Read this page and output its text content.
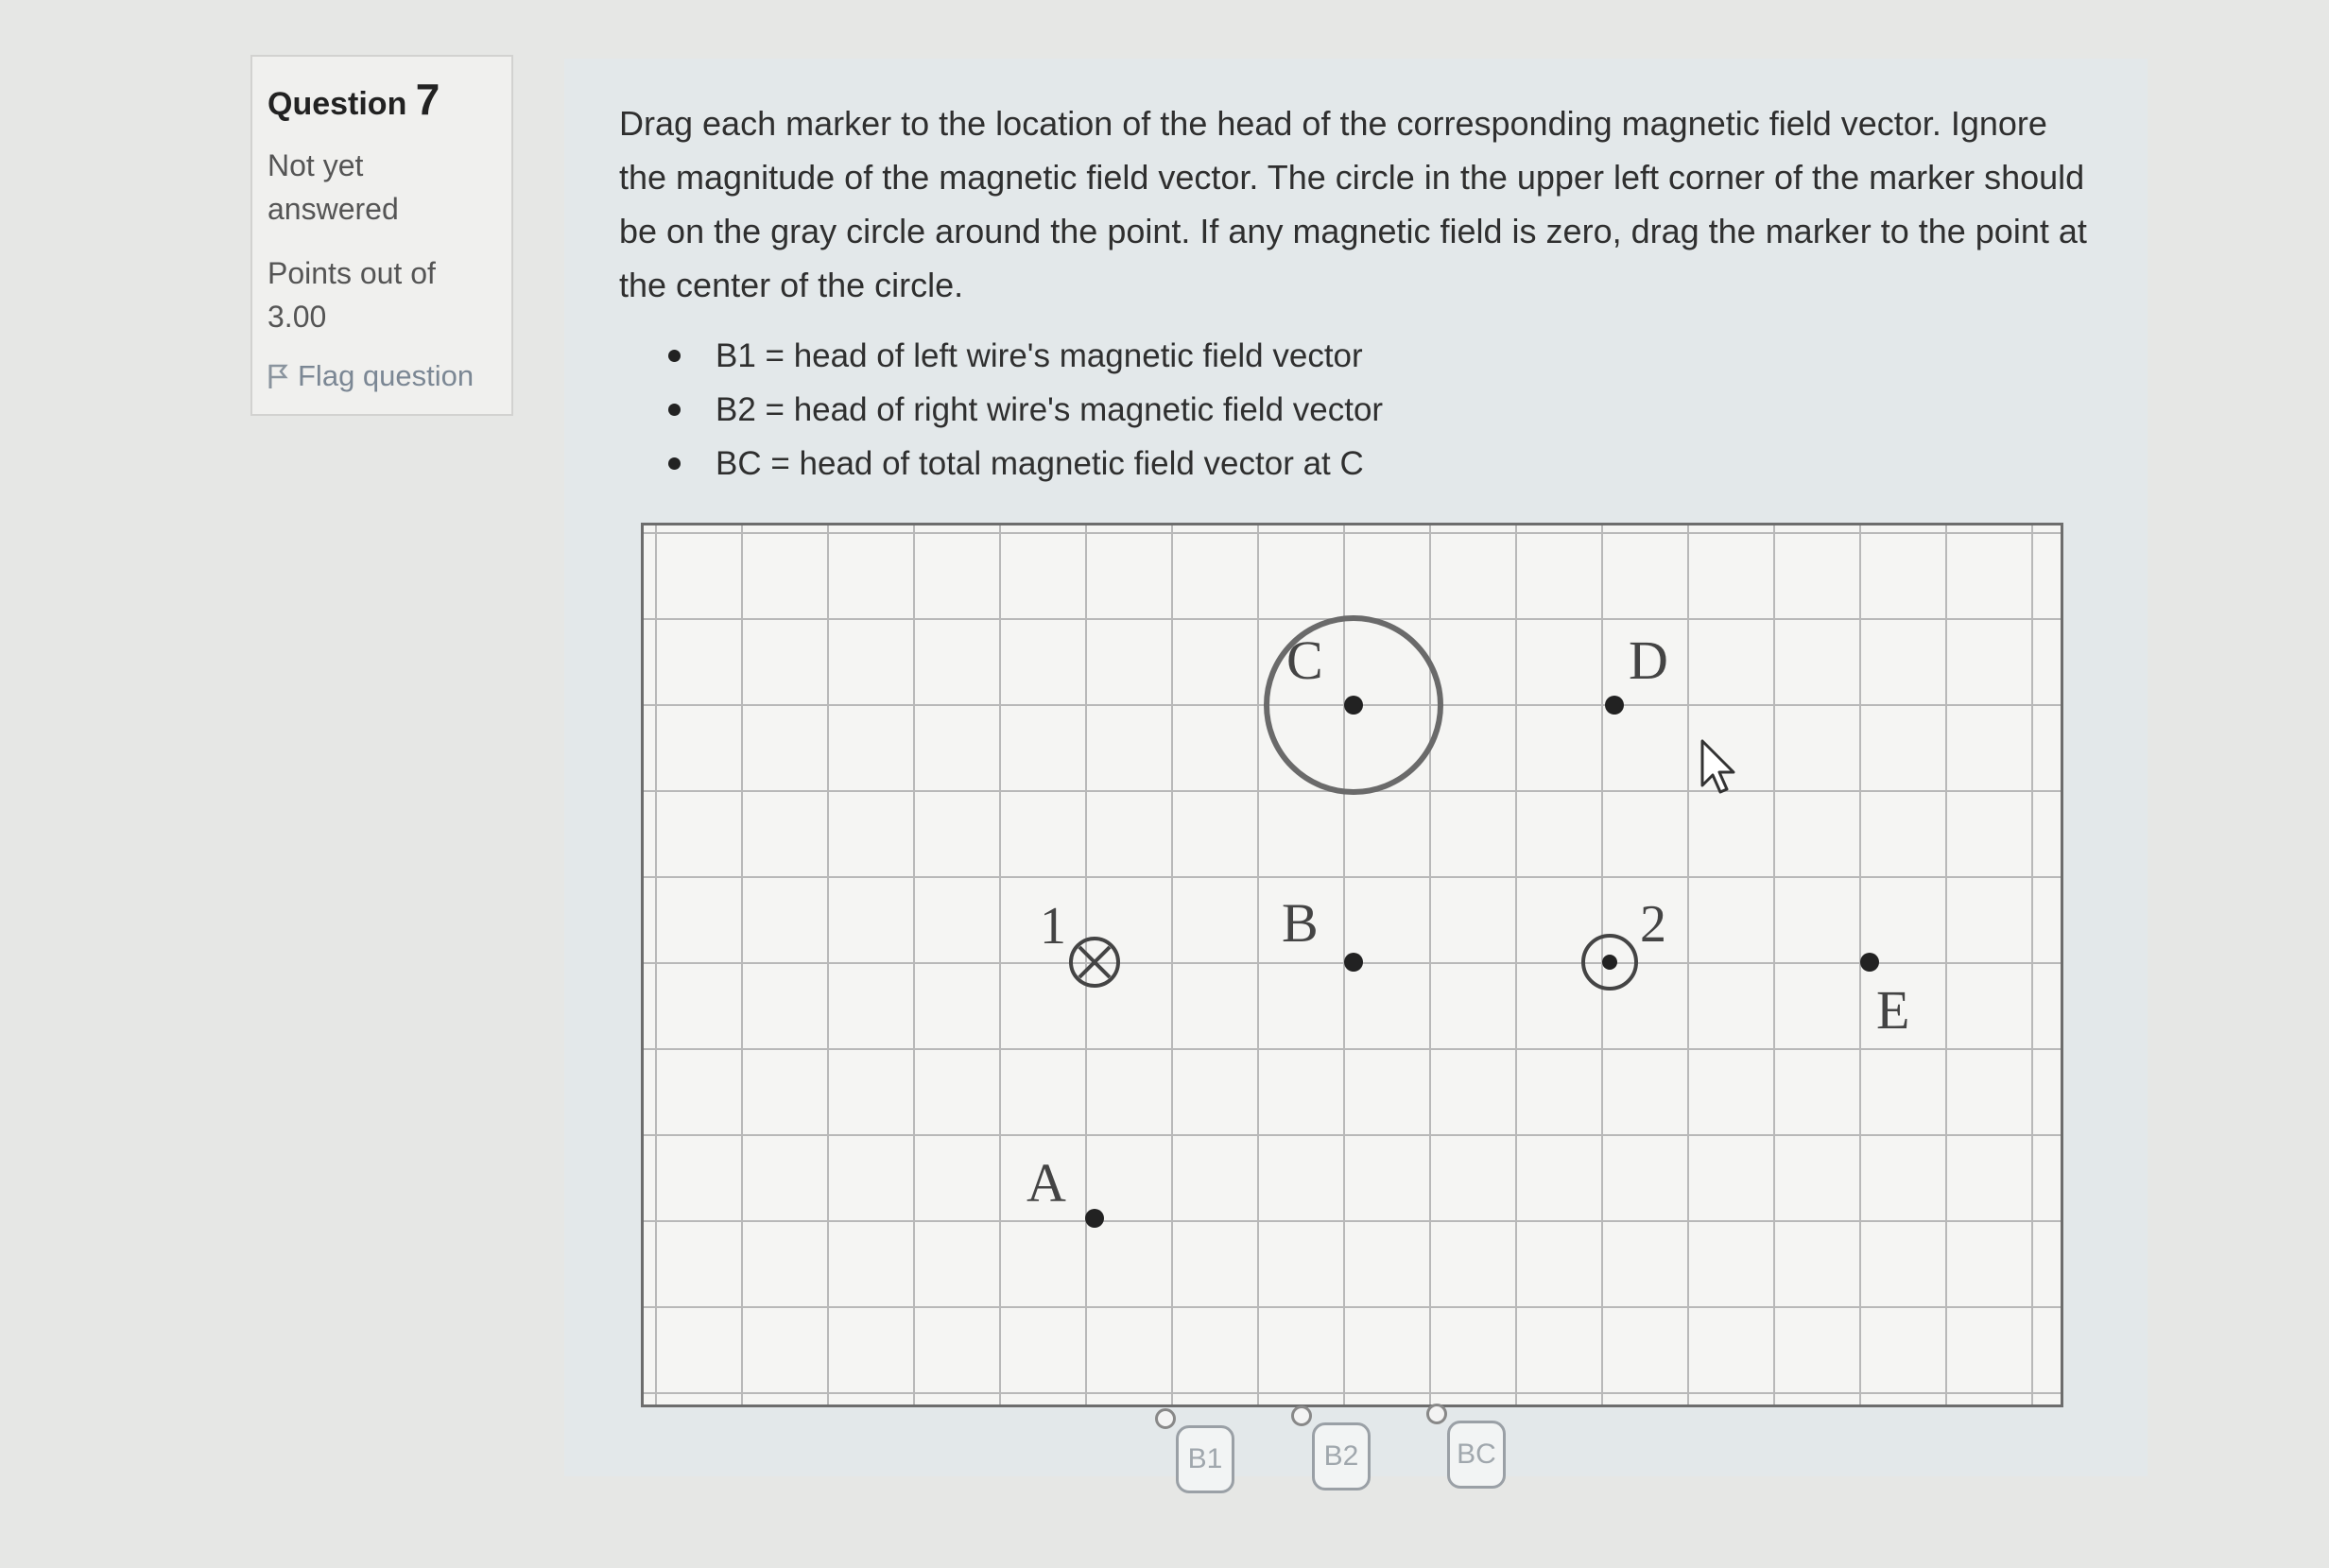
Question 7
Not yet answered
Points out of 3.00
Flag question

Drag each marker to the location of the head of the corresponding magnetic field vector. Ignore the magnitude of the magnetic field vector. The circle in the upper left corner of the marker should be on the gray circle around the point. If any magnetic field is zero, drag the marker to the point at the center of the circle.

B1 = head of left wire's magnetic field vector
B2 = head of right wire's magnetic field vector
BC = head of total magnetic field vector at C
1	2
A
B
C	D
E
B1	B2	BC
